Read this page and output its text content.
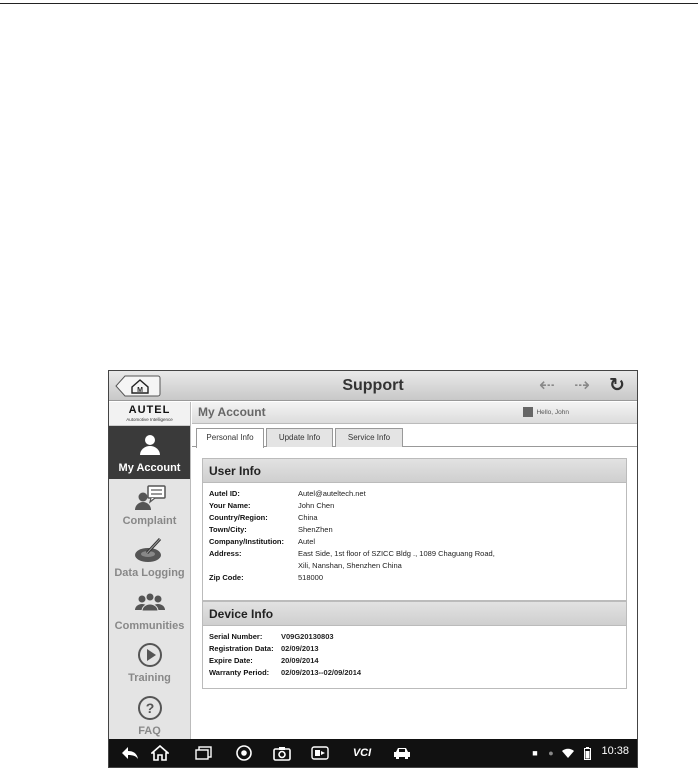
M	Support	⇠ ⇢ ↻
AUTEL
Automotive Intelligence
My Account
Complaint
Data Logging
Communities
Training
?
FAQ
My Account	Hello, John
Personal Info	Update Info	Service Info
User Info
Autel ID:	Autel@auteltech.net
Your Name:	John Chen
Country/Region:	China
Town/City:	ShenZhen
Company/Institution:	Autel
Address:	East Side, 1st floor of SZICC Bldg ., 1089 Chaguang Road,
Xili, Nanshan, Shenzhen China
Zip Code:	518000
Device Info
Serial Number:	V09G20130803
Registration Data: 02/09/2013
Expire Date:	20/09/2014
Warranty Period:	02/09/2013--02/09/2014
VCI	■	●	10:38
